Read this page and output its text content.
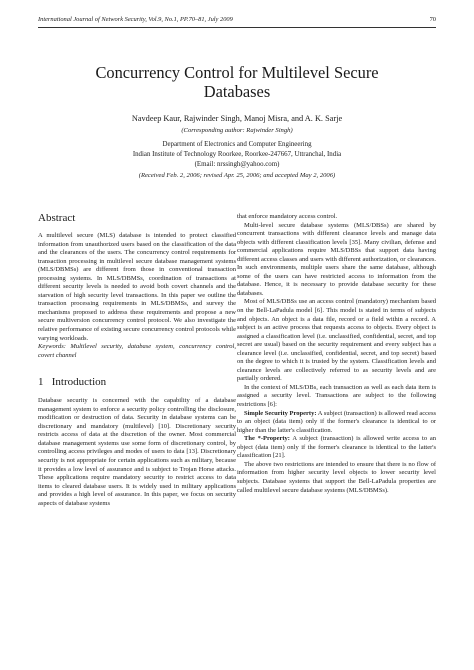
International Journal of Network Security, Vol.9, No.1, PP.70–81, July 2009	70
Concurrency Control for Multilevel Secure
Databases
Navdeep Kaur, Rajwinder Singh, Manoj Misra, and A. K. Sarje
(Corresponding author: Rajwinder Singh)
Department of Electronics and Computer Engineering
Indian Institute of Technology Roorkee, Roorkee-247667, Uttranchal, India
(Email: nrssingh@yahoo.com)
(Received Feb. 2, 2006; revised Apr. 25, 2006; and accepted May 2, 2006)
Abstract

A multilevel secure (MLS) database is intended to protect classified information from unauthorized users based on the classification of the data and the clearances of the users. The concurrency control requirements for transaction processing in multilevel secure database management systems (MLS/DBMSs) are different from those in conventional transaction processing systems. In MLS/DBMSs, coordination of transactions at different security levels is needed to avoid both covert channels and the starvation of high security level transactions. In this paper we outline the transaction processing requirements in MLS/DBMSs, and survey the mechanisms proposed to address these requirements and propose a new secure multiversion concurrency control protocol. We also investigate the relative performance of existing secure concurrency control protocols while varying workloads.

Keywords: Multilevel security, database system, concurrency control, covert channel

1   Introduction

Database security is concerned with the capability of a database management system to enforce a security policy controlling the disclosure, modification or destruction of data. Security in database systems can be discretionary and mandatory (multilevel) [10]. Discretionary security restricts access of data at the discretion of the owner. Most commercial database management systems use some form of discretionary control, by controlling access privileges and modes of users to data [13]. Discretionary security is not appropriate for certain applications such as military, because it provides a low level of assurance and is subject to Trojan Horse attacks. These applications require mandatory security to restrict access to data items to cleared database users. It is widely used in military applications and provides a high level of assurance. In this paper, we focus on security aspects of database systems

that enforce mandatory access control.

Multi-level secure database systems (MLS/DBSs) are shared by concurrent transactions with different clearance levels and manage data objects with different classification levels [35]. Many civilian, defense and commercial applications require MLS/DBSs that support data having different access classes and users with different authorization, or clearances. In such environments, multiple users share the same database, although some of the users can have restricted access to information from the database. Hence, it is necessary to provide database security for these databases.

Most of MLS/DBSs use an access control (mandatory) mechanism based on the Bell-LaPadula model [6]. This model is stated in terms of subjects and objects. An object is a data file, record or a field within a record. A subject is an active process that requests access to objects. Every object is assigned a classification level (i.e. unclassified, confidential, secret, and top secret are usual) based on the security requirement and every subject has a clearance level (i.e. unclassified, confidential, secret, and top secret) based on the degree to which it is trusted by the system. Classification levels and clearance levels are collectively referred to as security levels and are partially ordered.

In the context of MLS/DBs, each transaction as well as each data item is assigned a security level. Transactions are subject to the following restrictions [6]:

Simple Security Property: A subject (transaction) is allowed read access to an object (data item) only if the former's clearance is identical to or higher than the latter's classification.

The *-Property: A subject (transaction) is allowed write access to an object (data item) only if the former's clearance is identical to the latter's classification [21].

The above two restrictions are intended to ensure that there is no flow of information from higher security level objects to lower security level subjects. Database systems that support the Bell-LaPadula properties are called multilevel secure database systems (MLS/DBMSs).
